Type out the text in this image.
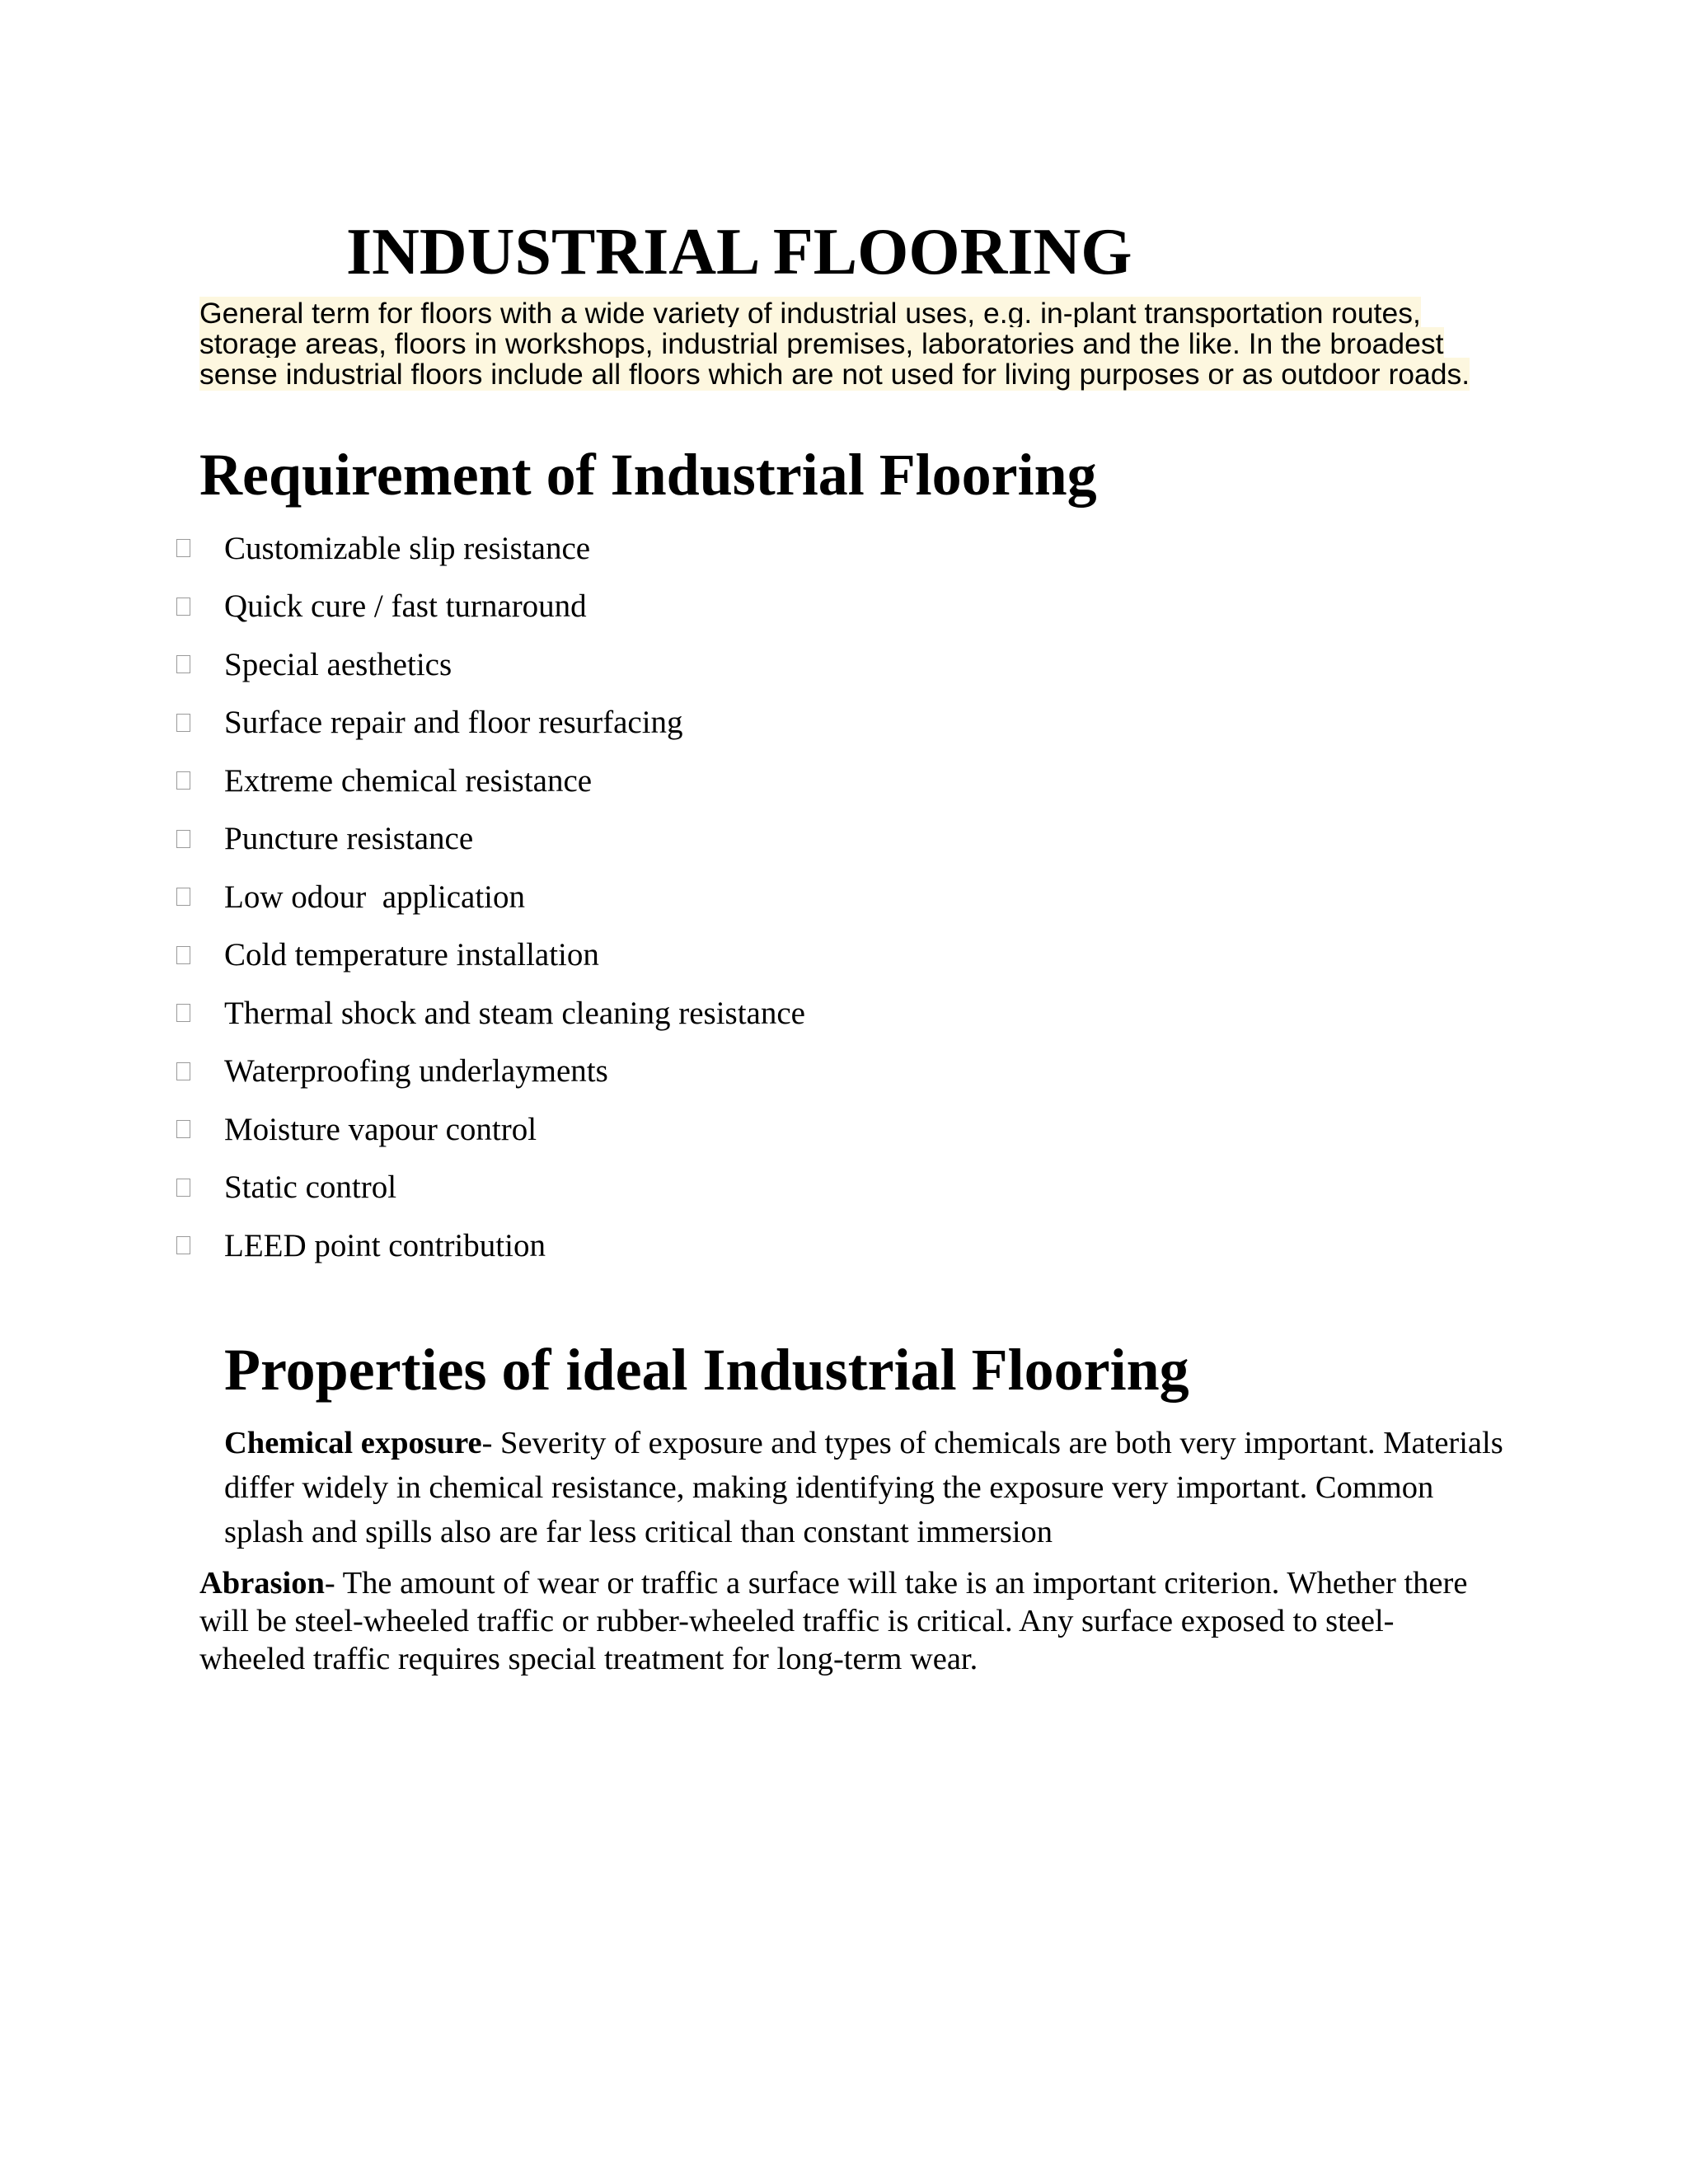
INDUSTRIAL FLOORING

General term for floors with a wide variety of industrial uses, e.g. in-plant transportation routes, storage areas, floors in workshops, industrial premises, laboratories and the like. In the broadest sense industrial floors include all floors which are not used for living purposes or as outdoor roads.

Requirement of Industrial Flooring
Customizable slip resistance
Quick cure / fast turnaround
Special aesthetics
Surface repair and floor resurfacing
Extreme chemical resistance
Puncture resistance
Low odour  application
Cold temperature installation
Thermal shock and steam cleaning resistance
Waterproofing underlayments
Moisture vapour control
Static control
LEED point contribution
Properties of ideal Industrial Flooring

Chemical exposure- Severity of exposure and types of chemicals are both very important. Materials differ widely in chemical resistance, making identifying the exposure very important. Common splash and spills also are far less critical than constant immersion

Abrasion- The amount of wear or traffic a surface will take is an important criterion. Whether there will be steel-wheeled traffic or rubber-wheeled traffic is critical. Any surface exposed to steel-wheeled traffic requires special treatment for long-term wear.
